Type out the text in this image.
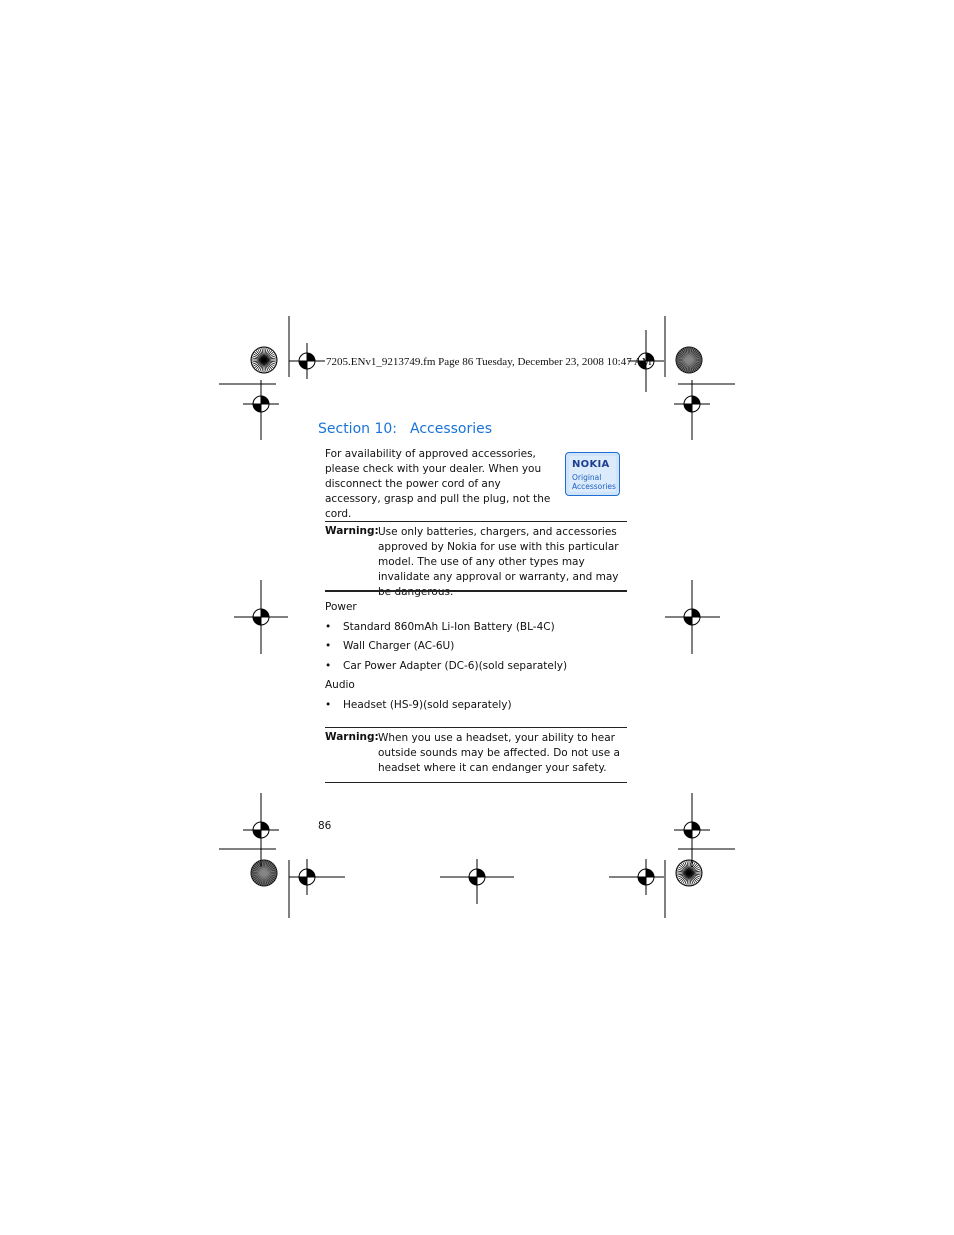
7205.ENv1_9213749.fm Page 86 Tuesday, December 23, 2008 10:47 AM
Section 10: Accessories
For availability of approved accessories, please check with your dealer. When you disconnect the power cord of any accessory, grasp and pull the plug, not the cord.
NOKIA
Original
Accessories
Warning: Use only batteries, chargers, and accessories approved by Nokia for use with this particular model. The use of any other types may invalidate any approval or warranty, and may be dangerous.
Power
• Standard 860mAh Li-Ion Battery (BL-4C)
• Wall Charger (AC-6U)
• Car Power Adapter (DC-6)(sold separately)
Audio
• Headset (HS-9)(sold separately)
Warning: When you use a headset, your ability to hear outside sounds may be affected. Do not use a headset where it can endanger your safety.
86
